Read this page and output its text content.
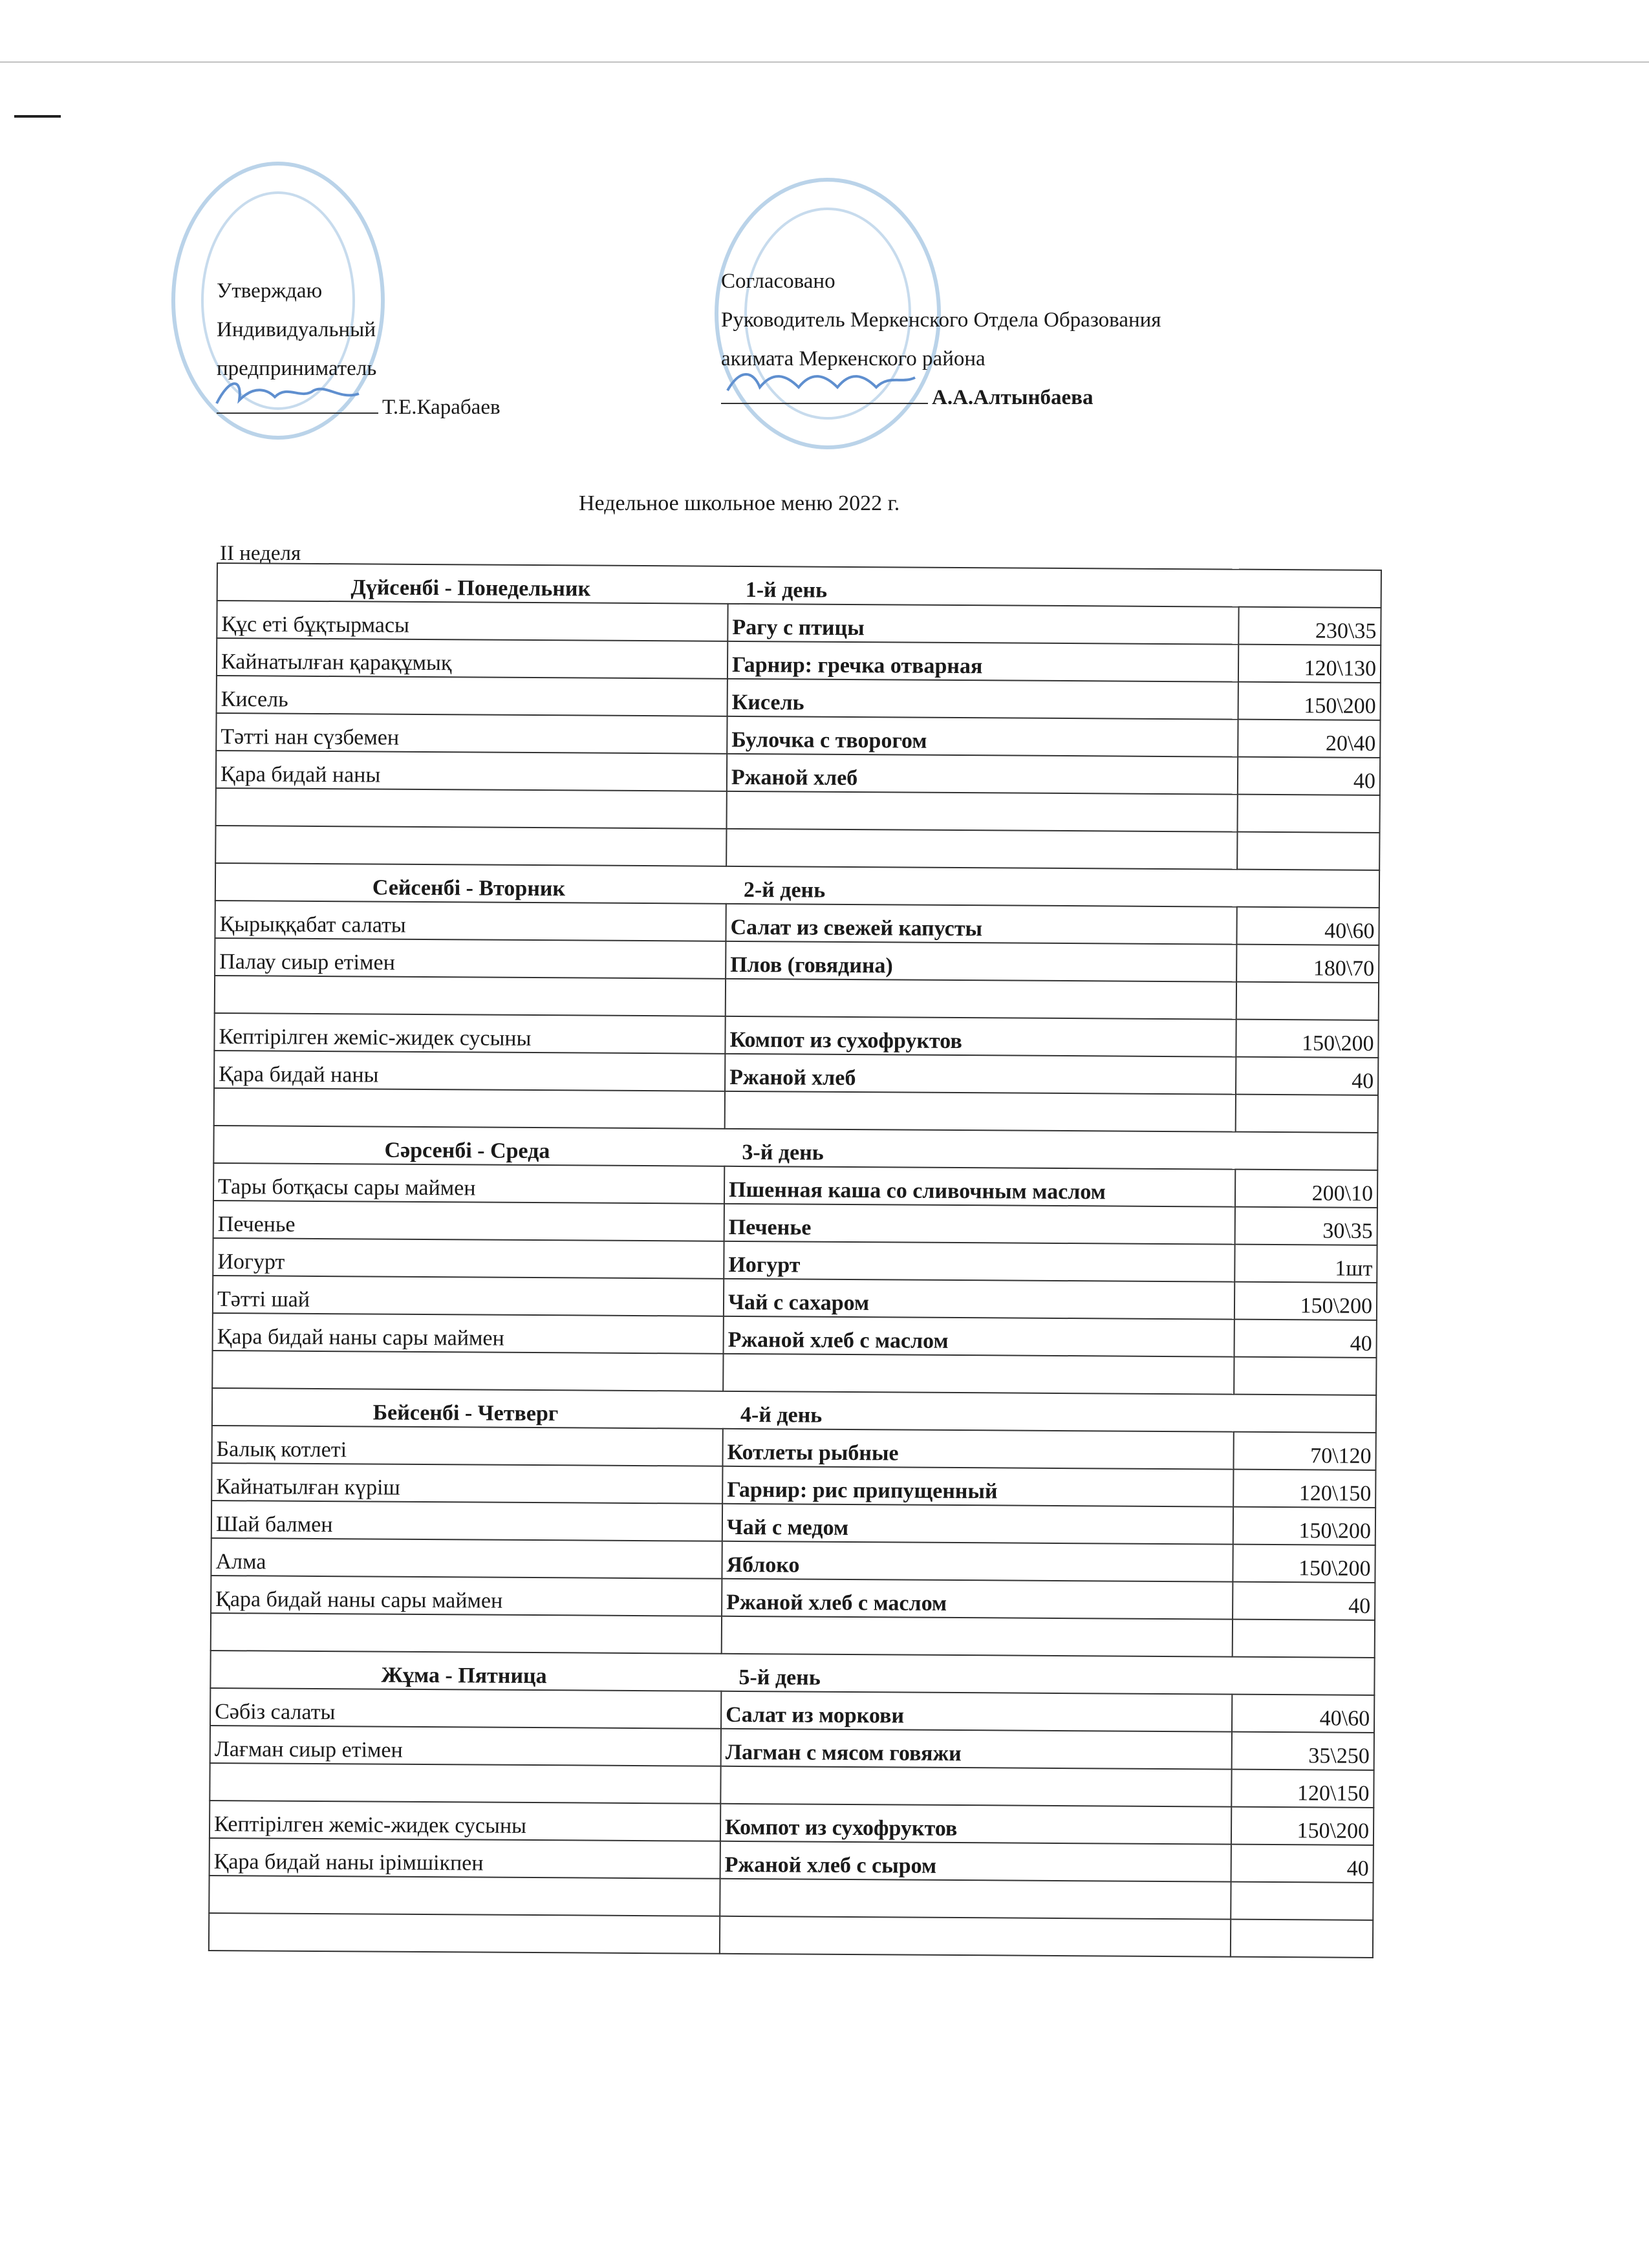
Утверждаю
Индивидуальный
предприниматель
Т.Е.Карабаев
Согласовано
Руководитель Меркенского Отдела Образования
акимата Меркенского района
А.А.Алтынбаева
Недельное школьное меню 2022 г.
II неделя
Дүйсенбі - Понедельник 1-й день		
Құс еті бұқтырмасы	Рагу с птицы	230\35
Кайнатылған қарақұмық	Гарнир: гречка отварная	120\130
Кисель	Кисель	150\200
Тәтті нан сүзбемен	Булочка с творогом	20\40
Қара бидай наны	Ржаной хлеб	40

Сейсенбі - Вторник 2-й день		
Қырыққабат салаты	Салат из свежей капусты	40\60
Палау сиыр етімен	Плов (говядина)	180\70

Кептірілген жеміс-жидек сусыны	Компот из сухофруктов	150\200
Қара бидай наны	Ржаной хлеб	40

Сәрсенбі - Среда 3-й день		
Тары ботқасы сары маймен	Пшенная каша со сливочным маслом	200\10
Печенье	Печенье	30\35
Иогурт	Иогурт	1шт
Тәтті шай	Чай с сахаром	150\200
Қара бидай наны сары маймен	Ржаной хлеб с маслом	40

Бейсенбі - Четверг 4-й день		
Балық котлеті	Котлеты рыбные	70\120
Кайнатылған күріш	Гарнир: рис припущенный	120\150
Шай балмен	Чай с медом	150\200
Алма	Яблоко	150\200
Қара бидай наны сары маймен	Ржаной хлеб с маслом	40

Жұма - Пятница 5-й день		
Сәбіз салаты	Салат из моркови	40\60
Лағман сиыр етімен	Лагман с мясом говяжи	35\250
		120\150
Кептірілген жеміс-жидек сусыны	Компот из сухофруктов	150\200
Қара бидай наны ірімшікпен	Ржаной хлеб с сыром	40
